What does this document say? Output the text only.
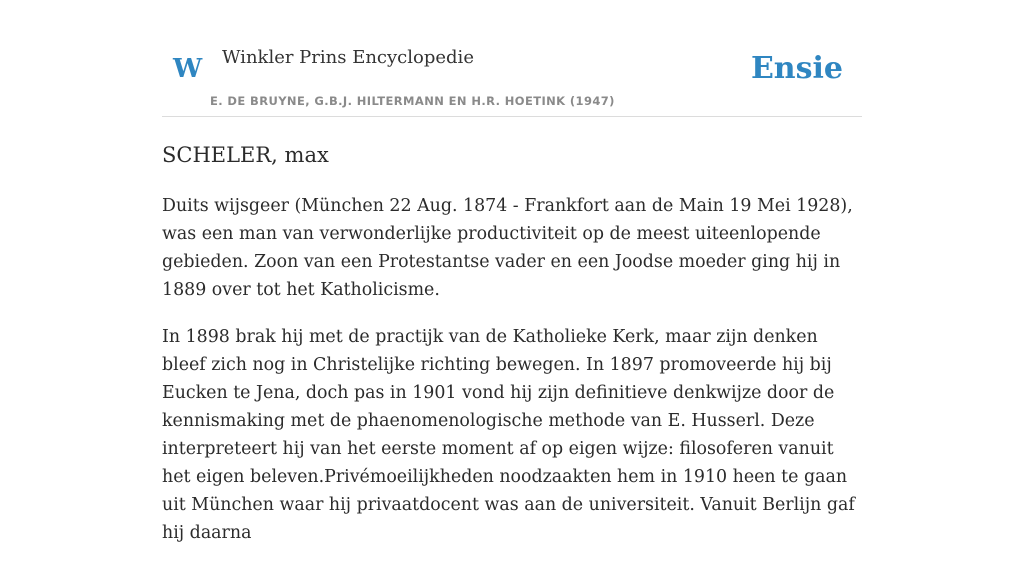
W Winkler Prins Encyclopedie
E. DE BRUYNE, G.B.J. HILTERMANN EN H.R. HOETINK (1947)
Ensie
SCHELER, max

Duits wijsgeer (München 22 Aug. 1874 - Frankfort aan de Main 19 Mei 1928), was een man van verwonderlijke productiviteit op de meest uiteenlopende gebieden. Zoon van een Protestantse vader en een Joodse moeder ging hij in 1889 over tot het Katholicisme.

In 1898 brak hij met de practijk van de Katholieke Kerk, maar zijn denken bleef zich nog in Christelijke richting bewegen. In 1897 promoveerde hij bij Eucken te Jena, doch pas in 1901 vond hij zijn definitieve denkwijze door de kennismaking met de phaenomenologische methode van E. Husserl. Deze interpreteert hij van het eerste moment af op eigen wijze: filosoferen vanuit het eigen beleven.Privémoeilijkheden noodzaakten hem in 1910 heen te gaan uit München waar hij privaatdocent was aan de universiteit. Vanuit Berlijn gaf hij daarna
